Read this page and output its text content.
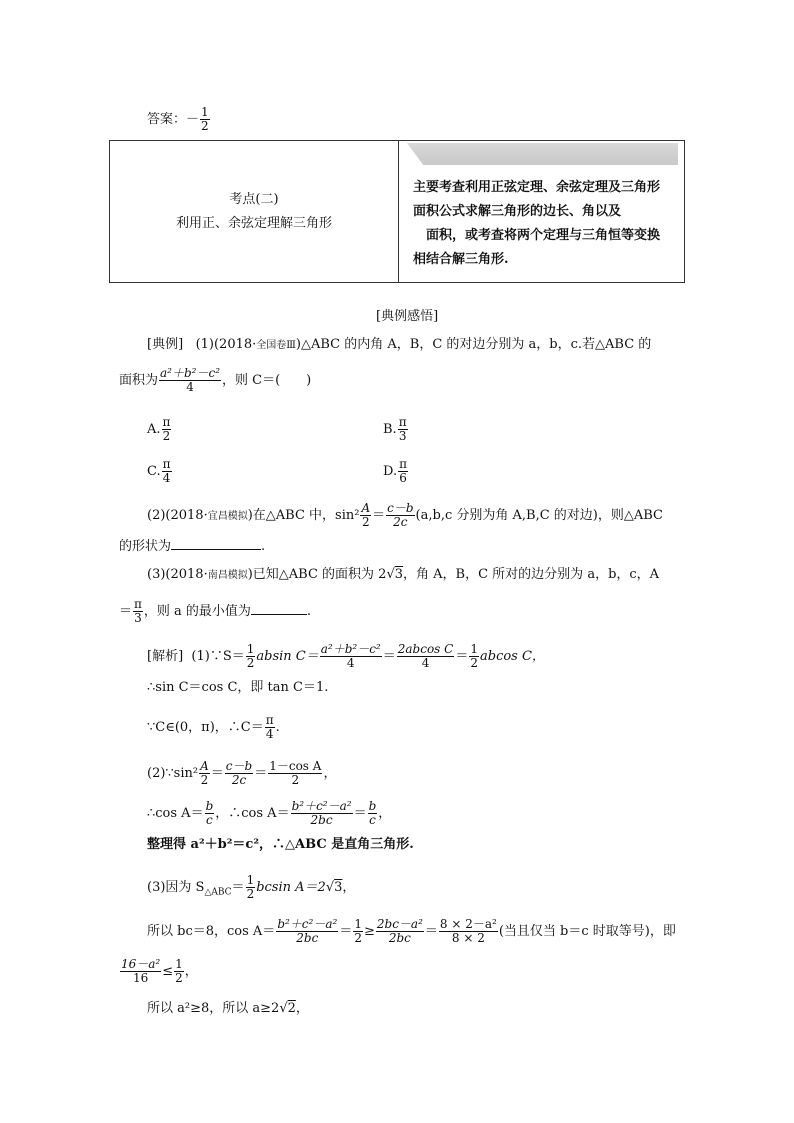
答案：－ $\frac{1}{2}$
考点(二)
利用正、余弦定理解三角形

主要考查利用正弦定理、余弦定理及三角形
面积公式求解三角形的边长、角以及
面积，或考查将两个定理与三角恒等变换
相结合解三角形.
[典例感悟]
[典例] (1)(2018·全国卷Ⅲ)△ABC 的内角 A，B，C 的对边分别为 a，b，c.若△ABC 的
面积为 $\frac{\text{a²＋b²－c²}}{4}$ ，则 C＝(　　)
A. $\frac{\pi}{2}$	B. $\frac{\pi}{3}$
C. $\frac{\pi}{4}$	D. $\frac{\pi}{6}$
(2)(2018·宜昌模拟)在△ABC 中，$\sin^2 \frac{A}{2} = \frac{c-b}{2c} (a,b,c$ 分别为角 A,B,C 的对边)，则△ABC
的形状为	.
(3)(2018·南昌模拟)已知△ABC 的面积为 2√3，角 A，B，C 所对的边分别为 a，b，c，A
＝ $\frac{\pi}{3}$ ，则 a 的最小值为	.
[解析] (1)∵S＝ $\frac{1}{2}$ absin $C= \frac{\text{a²＋b²－c²}}{4} = \frac{\text{2abcos C}}{4} = \frac{1}{2}$ abcos C，
∴sin C＝cos C，即 tan C＝1.
∵C∈(0，π)，∴C＝ $\frac{\pi}{4}$ .
(2)∵sin² $\frac{A}{2} = \frac{c-b}{2c} = \frac{\text{1－cos A}}{2}$ ，
∴cos $A= \frac{b}{c}$ ，∴cos $A= \frac{\text{b²＋c²－a²}}{2bc} = \frac{b}{c}$ ，
整理得 a²＋b²＝c²，∴△ABC 是直角三角形.
(3)因为 $S_{\triangle ABC}= \frac{1}{2}$ bcsin A＝2√3，
所以 bc＝8，$\cos A= \frac{\text{b²＋c²－a²}}{2bc} = \frac{1}{2} \ge \frac{\text{2bc－a²}}{2bc} = \frac{\text{8 × 2－a²}}{8 \times 2}$ (当且仅当 b＝c 时取等号)，即
$\frac{\text{16－a²}}{16} \le \frac{1}{2}$ ，
所以 a²≥8，所以 a≥2√2，
